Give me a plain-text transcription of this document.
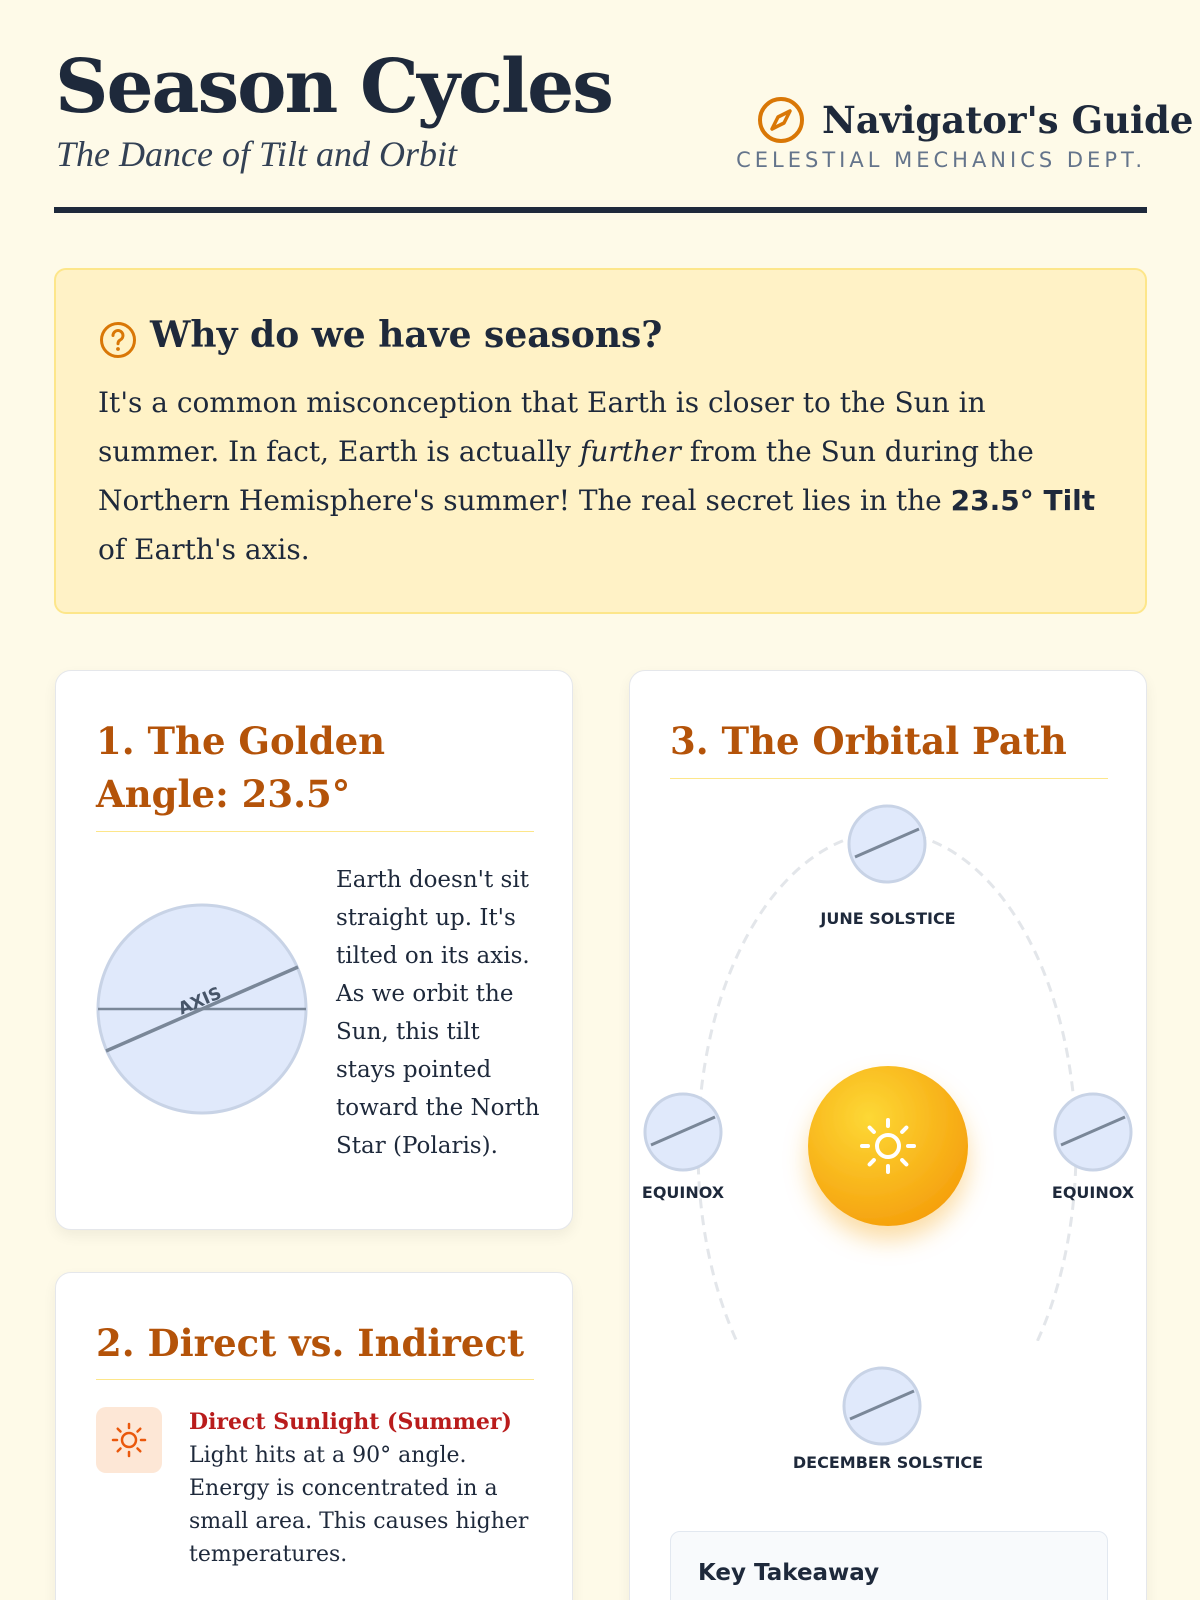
Season Cycles
The Dance of Tilt and Orbit
Navigator's Guide
CELESTIAL MECHANICS DEPT.
Why do we have seasons?

It's a common misconception that Earth is closer to the Sun in summer. In fact, Earth is actually further from the Sun during the Northern Hemisphere's summer! The real secret lies in the 23.5° Tilt of Earth's axis.

1. The Golden Angle: 23.5°
AXIS

Earth doesn't sit straight up. It's tilted on its axis. As we orbit the Sun, this tilt stays pointed toward the North Star (Polaris).

2. Direct vs. Indirect
Direct Sunlight (Summer)

Light hits at a 90° angle. Energy is concentrated in a small area. This causes higher temperatures.

3. The Orbital Path
JUNE SOLSTICE
EQUINOX	EQUINOX
DECEMBER SOLSTICE
Key Takeaway
